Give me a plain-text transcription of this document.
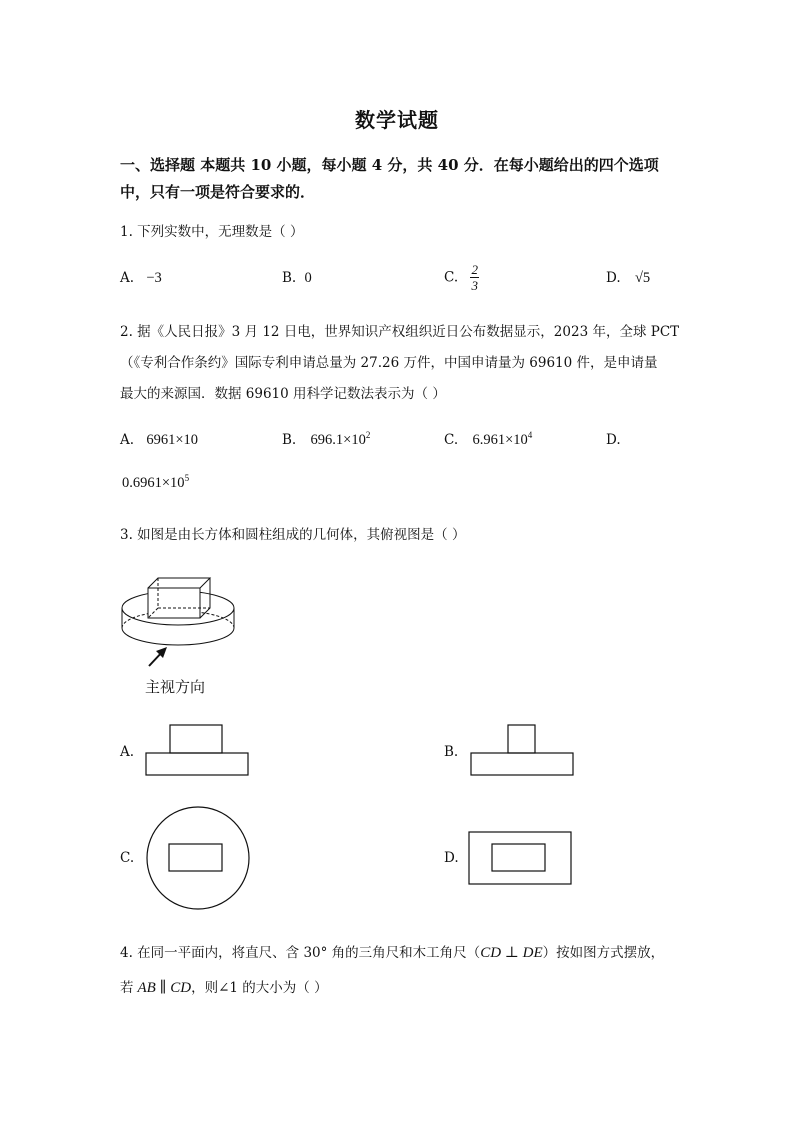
数学试题
一、选择题 本题共 10 小题，每小题 4 分，共 40 分．在每小题给出的四个选项
中，只有一项是符合要求的．
1. 下列实数中，无理数是（ ）
A. −3	B. 0	C. $\frac{2}{3}$	D. √5
2. 据《人民日报》3 月 12 日电，世界知识产权组织近日公布数据显示，2023 年，全球 PCT
（《专利合作条约》国际专利申请总量为 27.26 万件，中国申请量为 69610 件，是申请量
最大的来源国．数据 69610 用科学记数法表示为（ ）
A. 6961×10	B. $696.1\times 10^2$	C. $6.961\times 10^4$	D.
$0.6961\times 10^5$
3. 如图是由长方体和圆柱组成的几何体，其俯视图是（ ）
主视方向
A.	B.
C.	D.
4. 在同一平面内，将直尺、含 30° 角的三角尺和木工角尺（CD ⊥ DE）按如图方式摆放，
若 AB ∥ CD，则∠1 的大小为（ ）
